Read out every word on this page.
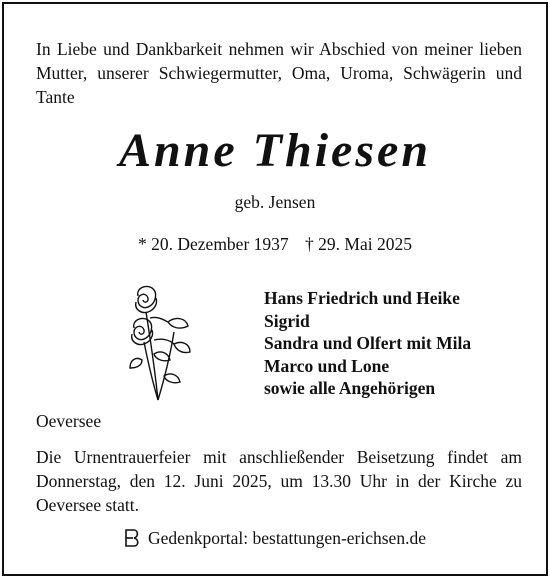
In Liebe und Dankbarkeit nehmen wir Abschied von meiner lieben Mutter, unserer Schwiegermutter, Oma, Uroma, Schwägerin und Tante
Anne Thiesen
geb. Jensen
* 20. Dezember 1937 † 29. Mai 2025
Hans Friedrich und Heike
Sigrid
Sandra und Olfert mit Mila
Marco und Lone
sowie alle Angehörigen
Oeversee
Die Urnentrauerfeier mit anschließender Beisetzung findet am Donnerstag, den 12. Juni 2025, um 13.30 Uhr in der Kirche zu Oeversee statt.
Gedenkportal: bestattungen-erichsen.de
